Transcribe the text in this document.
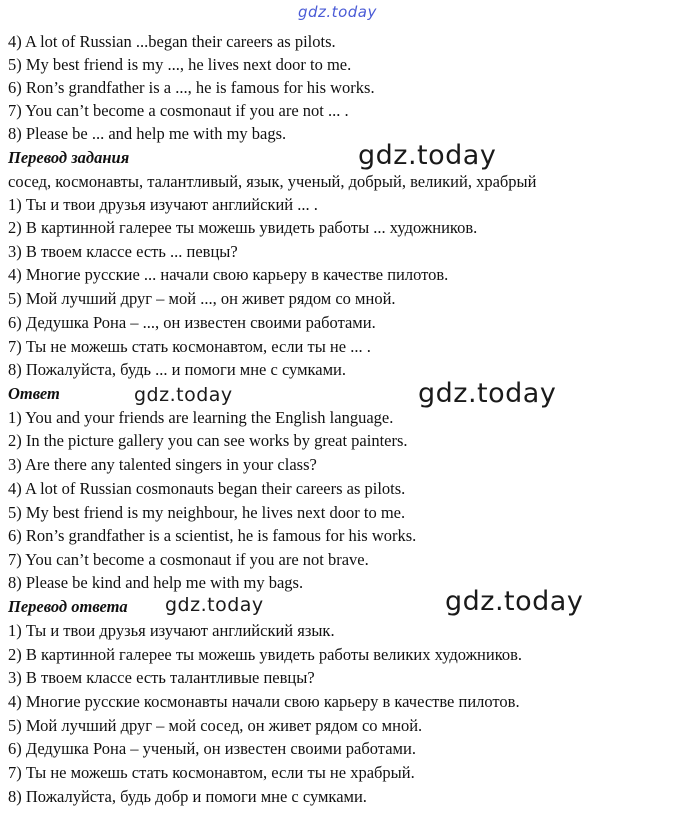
gdz.today
gdz.today
gdz.today	gdz.today
gdz.today	gdz.today
4) A lot of Russian ...began their careers as pilots.
5) My best friend is my ..., he lives next door to me.
6) Ron’s grandfather is a ..., he is famous for his works.
7) You can’t become a cosmonaut if you are not ... .
8) Please be ... and help me with my bags.
Перевод задания
сосед, космонавты, талантливый, язык, ученый, добрый, великий, храбрый
1) Ты и твои друзья изучают английский ... .
2) В картинной галерее ты можешь увидеть работы ... художников.
3) В твоем классе есть ... певцы?
4) Многие русские ... начали свою карьеру в качестве пилотов.
5) Мой лучший друг – мой ..., он живет рядом со мной.
6) Дедушка Рона – ..., он известен своими работами.
7) Ты не можешь стать космонавтом, если ты не ... .
8) Пожалуйста, будь ... и помоги мне с сумками.
Ответ
1) You and your friends are learning the English language.
2) In the picture gallery you can see works by great painters.
3) Are there any talented singers in your class?
4) A lot of Russian cosmonauts began their careers as pilots.
5) My best friend is my neighbour, he lives next door to me.
6) Ron’s grandfather is a scientist, he is famous for his works.
7) You can’t become a cosmonaut if you are not brave.
8) Please be kind and help me with my bags.
Перевод ответа
1) Ты и твои друзья изучают английский язык.
2) В картинной галерее ты можешь увидеть работы великих художников.
3) В твоем классе есть талантливые певцы?
4) Многие русские космонавты начали свою карьеру в качестве пилотов.
5) Мой лучший друг – мой сосед, он живет рядом со мной.
6) Дедушка Рона – ученый, он известен своими работами.
7) Ты не можешь стать космонавтом, если ты не храбрый.
8) Пожалуйста, будь добр и помоги мне с сумками.
